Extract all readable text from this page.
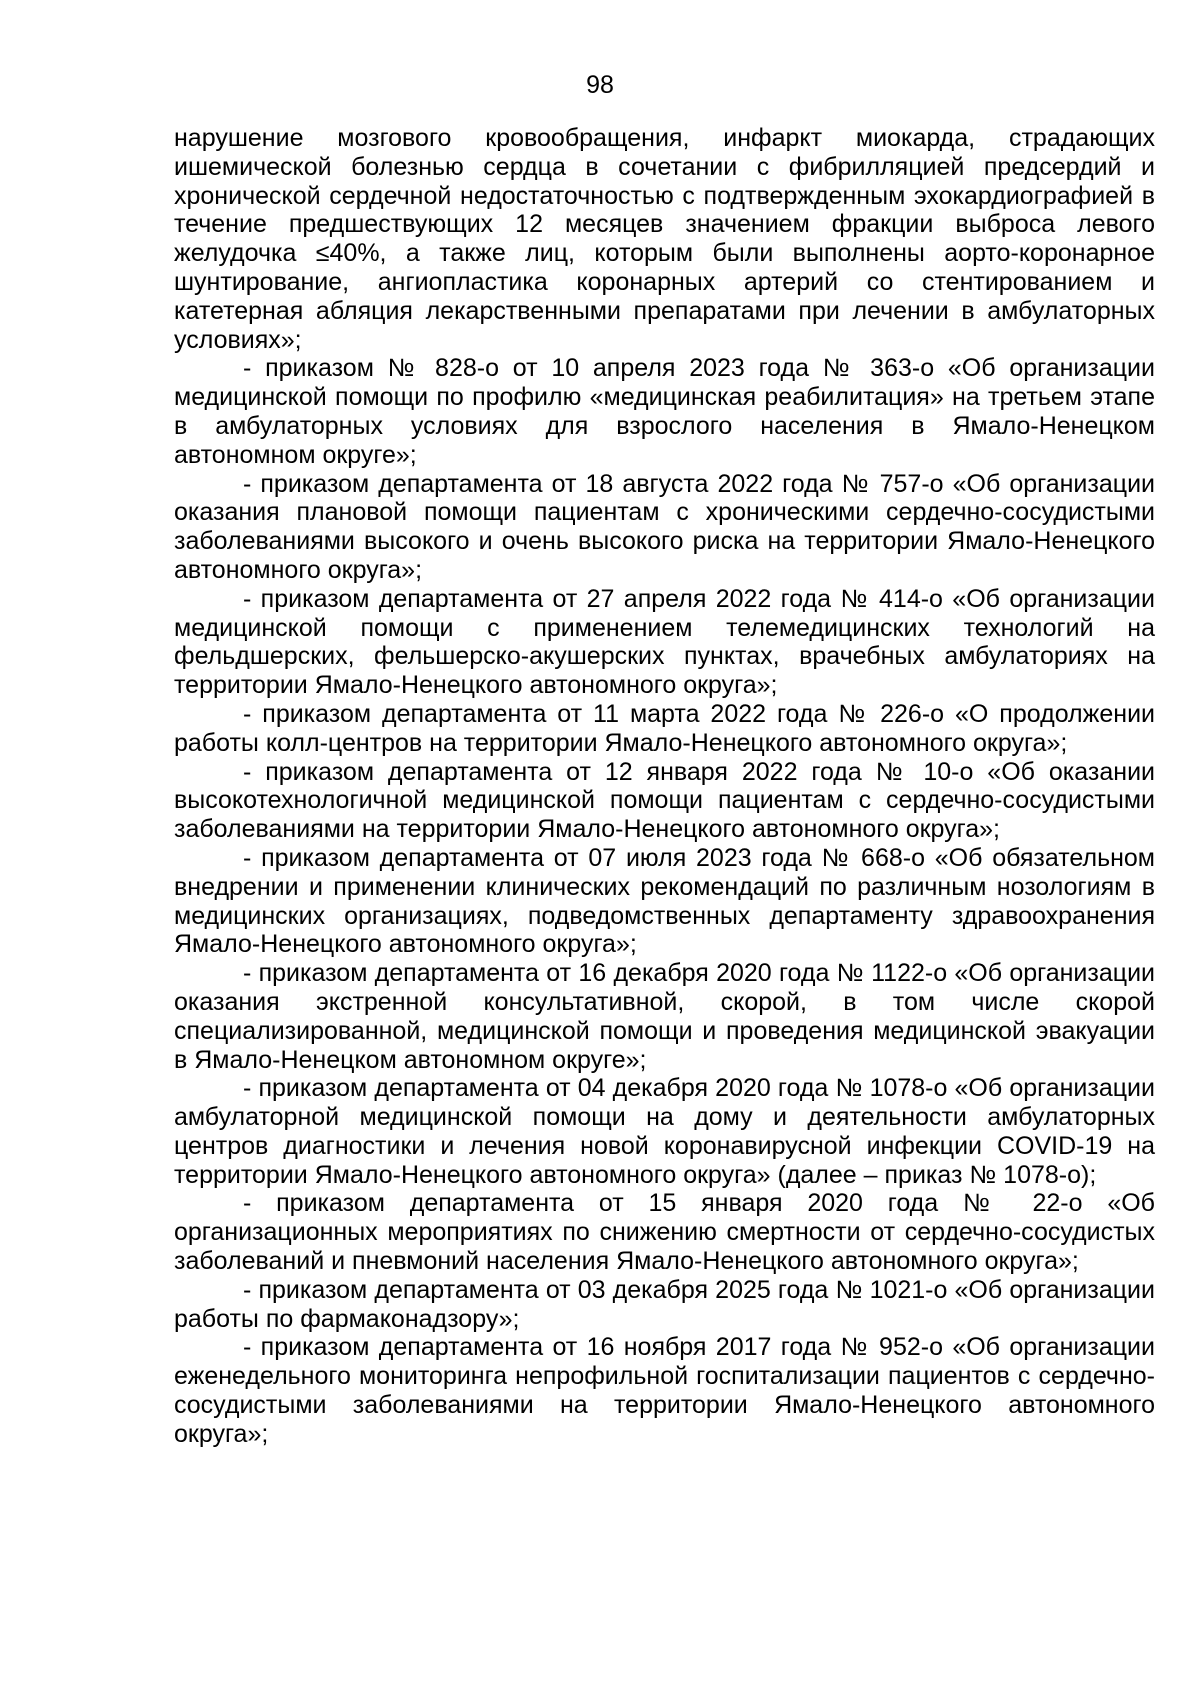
98

нарушение мозгового кровообращения, инфаркт миокарда, страдающих ишемической болезнью сердца в сочетании с фибрилляцией предсердий и хронической сердечной недостаточностью с подтвержденным эхокардиографией в течение предшествующих 12 месяцев значением фракции выброса левого желудочка ≤40%, а также лиц, которым были выполнены аорто-коронарное шунтирование, ангиопластика коронарных артерий со стентированием и катетерная абляция лекарственными препаратами при лечении в амбулаторных условиях»;

- приказом № 828-о от 10 апреля 2023 года № 363-о «Об организации медицинской помощи по профилю «медицинская реабилитация» на третьем этапе в амбулаторных условиях для взрослого населения в Ямало-Ненецком автономном округе»;

- приказом департамента от 18 августа 2022 года № 757-о «Об организации оказания плановой помощи пациентам с хроническими сердечно-сосудистыми заболеваниями высокого и очень высокого риска на территории Ямало-Ненецкого автономного округа»;

- приказом департамента от 27 апреля 2022 года № 414-о «Об организации медицинской помощи с применением телемедицинских технологий на фельдшерских, фельшерско-акушерских пунктах, врачебных амбулаториях на территории Ямало-Ненецкого автономного округа»;

- приказом департамента от 11 марта 2022 года № 226-о «О продолжении работы колл-центров на территории Ямало-Ненецкого автономного округа»;

- приказом департамента от 12 января 2022 года № 10-о «Об оказании высокотехнологичной медицинской помощи пациентам с сердечно-сосудистыми заболеваниями на территории Ямало-Ненецкого автономного округа»;

- приказом департамента от 07 июля 2023 года № 668-о «Об обязательном внедрении и применении клинических рекомендаций по различным нозологиям в медицинских организациях, подведомственных департаменту здравоохранения Ямало-Ненецкого автономного округа»;

- приказом департамента от 16 декабря 2020 года № 1122-о «Об организации оказания экстренной консультативной, скорой, в том числе скорой специализированной, медицинской помощи и проведения медицинской эвакуации в Ямало-Ненецком автономном округе»;

- приказом департамента от 04 декабря 2020 года № 1078-о «Об организации амбулаторной медицинской помощи на дому и деятельности амбулаторных центров диагностики и лечения новой коронавирусной инфекции COVID-19 на территории Ямало-Ненецкого автономного округа» (далее – приказ № 1078-о);

- приказом департамента от 15 января 2020 года № 22-о «Об организационных мероприятиях по снижению смертности от сердечно-сосудистых заболеваний и пневмоний населения Ямало-Ненецкого автономного округа»;

- приказом департамента от 03 декабря 2025 года № 1021-о «Об организации работы по фармаконадзору»;

- приказом департамента от 16 ноября 2017 года № 952-о «Об организации еженедельного мониторинга непрофильной госпитализации пациентов с сердечно-сосудистыми заболеваниями на территории Ямало-Ненецкого автономного округа»;
